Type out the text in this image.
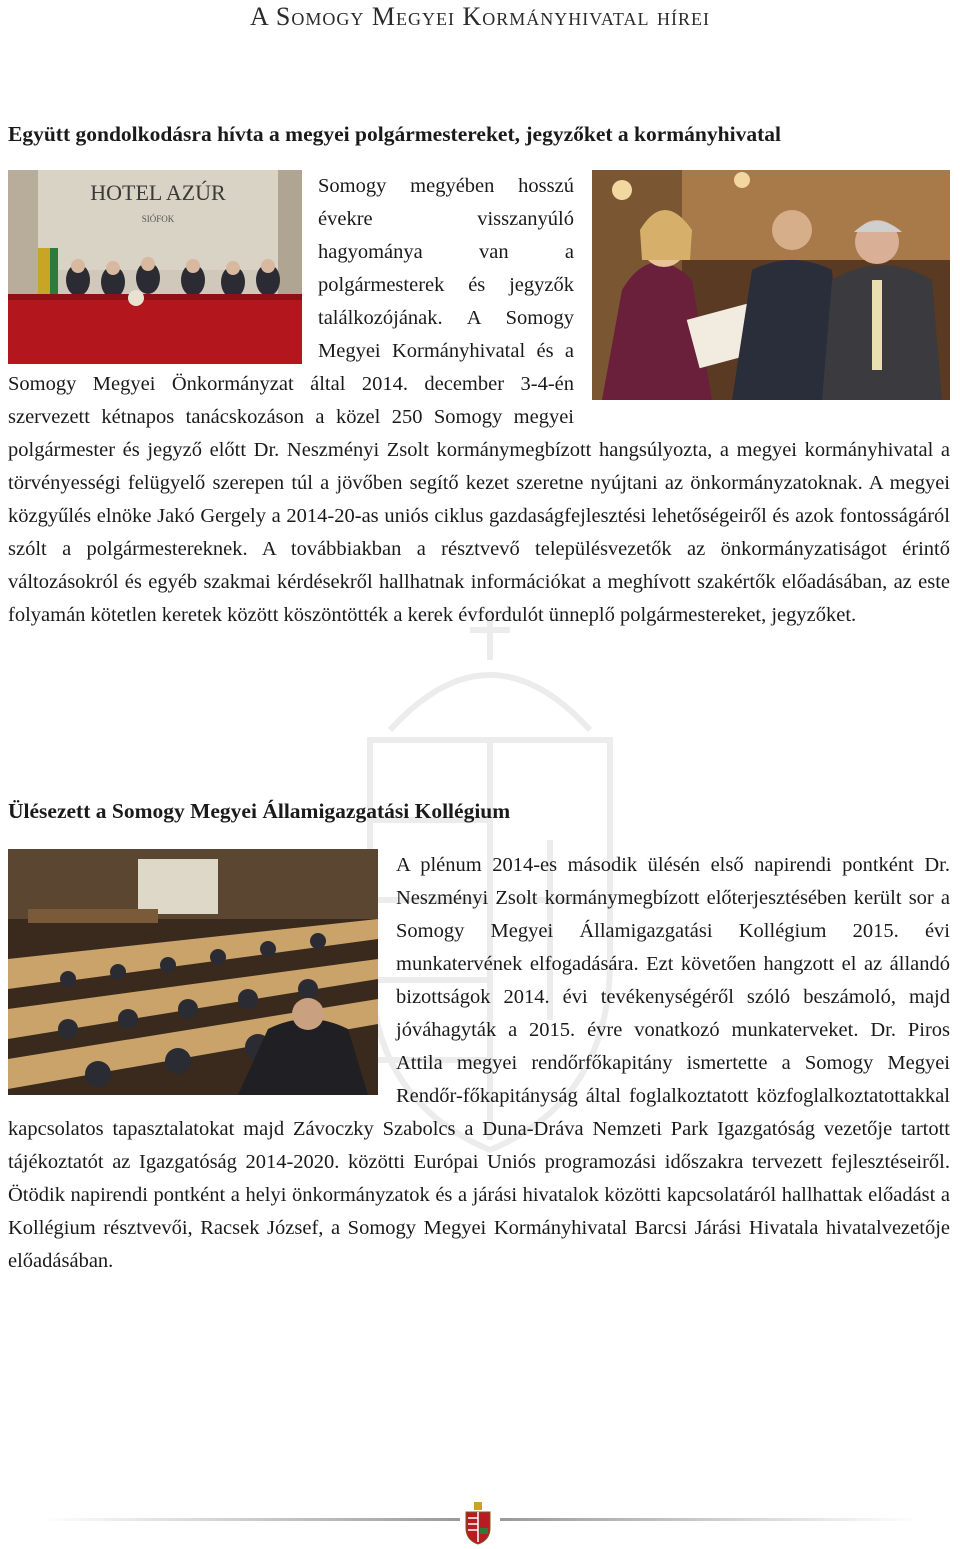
A Somogy Megyei Kormányhivatal hírei
Együtt gondolkodásra hívta a megyei polgármestereket, jegyzőket a kormányhivatal
HOTEL AZÚR
SIÓFOK

Somogy megyében hosszú évekre visszanyúló hagyománya van a polgármesterek és jegyzők találkozójának. A Somogy Megyei Kormányhivatal és a Somogy Megyei Önkormányzat által 2014. december 3-4-én szervezett kétnapos tanácskozáson a közel 250 Somogy megyei polgármester és jegyző előtt Dr. Neszményi Zsolt kormánymegbízott hangsúlyozta, a megyei kormányhivatal a törvényességi felügyelő szerepen túl a jövőben segítő kezet szeretne nyújtani az önkormányzatoknak. A megyei közgyűlés elnöke Jakó Gergely a 2014-20-as uniós ciklus gazdaságfejlesztési lehetőségeiről és azok fontosságáról szólt a polgármestereknek. A továbbiakban a résztvevő településvezetők az önkormányzatiságot érintő változásokról és egyéb szakmai kérdésekről hallhatnak információkat a meghívott szakértők előadásában, az este folyamán kötetlen keretek között köszöntötték a kerek évfordulót ünneplő polgármestereket, jegyzőket.

Ülésezett a Somogy Megyei Államigazgatási Kollégium

A plénum 2014-es második ülésén első napirendi pontként Dr. Neszményi Zsolt kormánymegbízott előterjesztésében került sor a Somogy Megyei Államigazgatási Kollégium 2015. évi munkatervének elfogadására. Ezt követően hangzott el az állandó bizottságok 2014. évi tevékenységéről szóló beszámoló, majd jóváhagyták a 2015. évre vonatkozó munkaterveket. Dr. Piros Attila megyei rendőrfőkapitány ismertette a Somogy Megyei Rendőr-főkapitányság által foglalkoztatott közfoglalkoztatottakkal kapcsolatos tapasztalatokat majd Závoczky Szabolcs a Duna-Dráva Nemzeti Park Igazgatóság vezetője tartott tájékoztatót az Igazgatóság 2014-2020. közötti Európai Uniós programozási időszakra tervezett fejlesztéseiről. Ötödik napirendi pontként a helyi önkormányzatok és a járási hivatalok közötti kapcsolatáról hallhattak előadást a Kollégium résztvevői, Racsek József, a Somogy Megyei Kormányhivatal Barcsi Járási Hivatala hivatalvezetője előadásában.
